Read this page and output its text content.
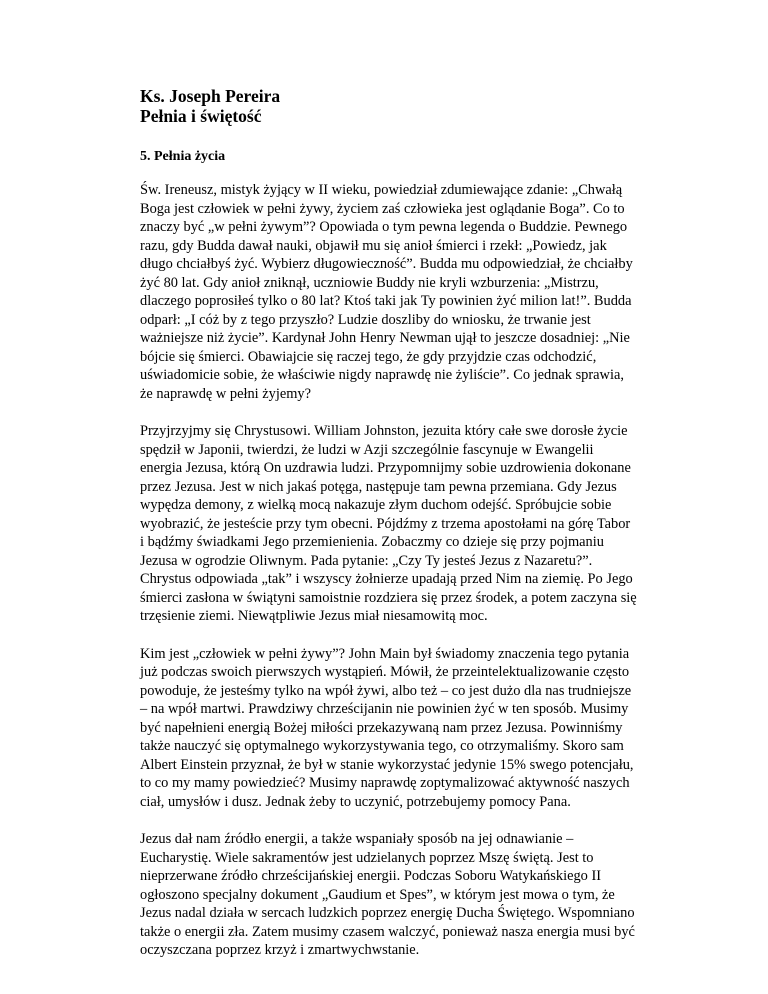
Ks. Joseph Pereira

Pełnia i świętość

5. Pełnia życia

Św. Ireneusz, mistyk żyjący w II wieku, powiedział zdumiewające zdanie: „Chwałą
Boga jest człowiek w pełni żywy, życiem zaś człowieka jest oglądanie Boga”. Co to
znaczy być „w pełni żywym”? Opowiada o tym pewna legenda o Buddzie. Pewnego
razu, gdy Budda dawał nauki, objawił mu się anioł śmierci i rzekł: „Powiedz, jak
długo chciałbyś żyć. Wybierz długowieczność”. Budda mu odpowiedział, że chciałby
żyć 80 lat. Gdy anioł zniknął, uczniowie Buddy nie kryli wzburzenia: „Mistrzu,
dlaczego poprosiłeś tylko o 80 lat? Ktoś taki jak Ty powinien żyć milion lat!”. Budda
odparł: „I cóż by z tego przyszło? Ludzie doszliby do wniosku, że trwanie jest
ważniejsze niż życie”. Kardynał John Henry Newman ujął to jeszcze dosadniej: „Nie
bójcie się śmierci. Obawiajcie się raczej tego, że gdy przyjdzie czas odchodzić,
uświadomicie sobie, że właściwie nigdy naprawdę nie żyliście”. Co jednak sprawia,
że naprawdę w pełni żyjemy?
Przyjrzyjmy się Chrystusowi. William Johnston, jezuita który całe swe dorosłe życie
spędził w Japonii, twierdzi, że ludzi w Azji szczególnie fascynuje w Ewangelii
energia Jezusa, którą On uzdrawia ludzi. Przypomnijmy sobie uzdrowienia dokonane
przez Jezusa. Jest w nich jakaś potęga, następuje tam pewna przemiana. Gdy Jezus
wypędza demony, z wielką mocą nakazuje złym duchom odejść. Spróbujcie sobie
wyobrazić, że jesteście przy tym obecni. Pójdźmy z trzema apostołami na górę Tabor
i bądźmy świadkami Jego przemienienia. Zobaczmy co dzieje się przy pojmaniu
Jezusa w ogrodzie Oliwnym. Pada pytanie: „Czy Ty jesteś Jezus z Nazaretu?”.
Chrystus odpowiada „tak” i wszyscy żołnierze upadają przed Nim na ziemię. Po Jego
śmierci zasłona w świątyni samoistnie rozdziera się przez środek, a potem zaczyna się
trzęsienie ziemi. Niewątpliwie Jezus miał niesamowitą moc.
Kim jest „człowiek w pełni żywy”? John Main był świadomy znaczenia tego pytania
już podczas swoich pierwszych wystąpień. Mówił, że przeintelektualizowanie często
powoduje, że jesteśmy tylko na wpół żywi, albo też – co jest dużo dla nas trudniejsze
– na wpół martwi. Prawdziwy chrześcijanin nie powinien żyć w ten sposób. Musimy
być napełnieni energią Bożej miłości przekazywaną nam przez Jezusa. Powinniśmy
także nauczyć się optymalnego wykorzystywania tego, co otrzymaliśmy. Skoro sam
Albert Einstein przyznał, że był w stanie wykorzystać jedynie 15% swego potencjału,
to co my mamy powiedzieć? Musimy naprawdę zoptymalizować aktywność naszych
ciał, umysłów i dusz. Jednak żeby to uczynić, potrzebujemy pomocy Pana.
Jezus dał nam źródło energii, a także wspaniały sposób na jej odnawianie –
Eucharystię. Wiele sakramentów jest udzielanych poprzez Mszę świętą. Jest to
nieprzerwane źródło chrześcijańskiej energii. Podczas Soboru Watykańskiego II
ogłoszono specjalny dokument „Gaudium et Spes”, w którym jest mowa o tym, że
Jezus nadal działa w sercach ludzkich poprzez energię Ducha Świętego. Wspomniano
także o energii zła. Zatem musimy czasem walczyć, ponieważ nasza energia musi być
oczyszczana poprzez krzyż i zmartwychwstanie.
